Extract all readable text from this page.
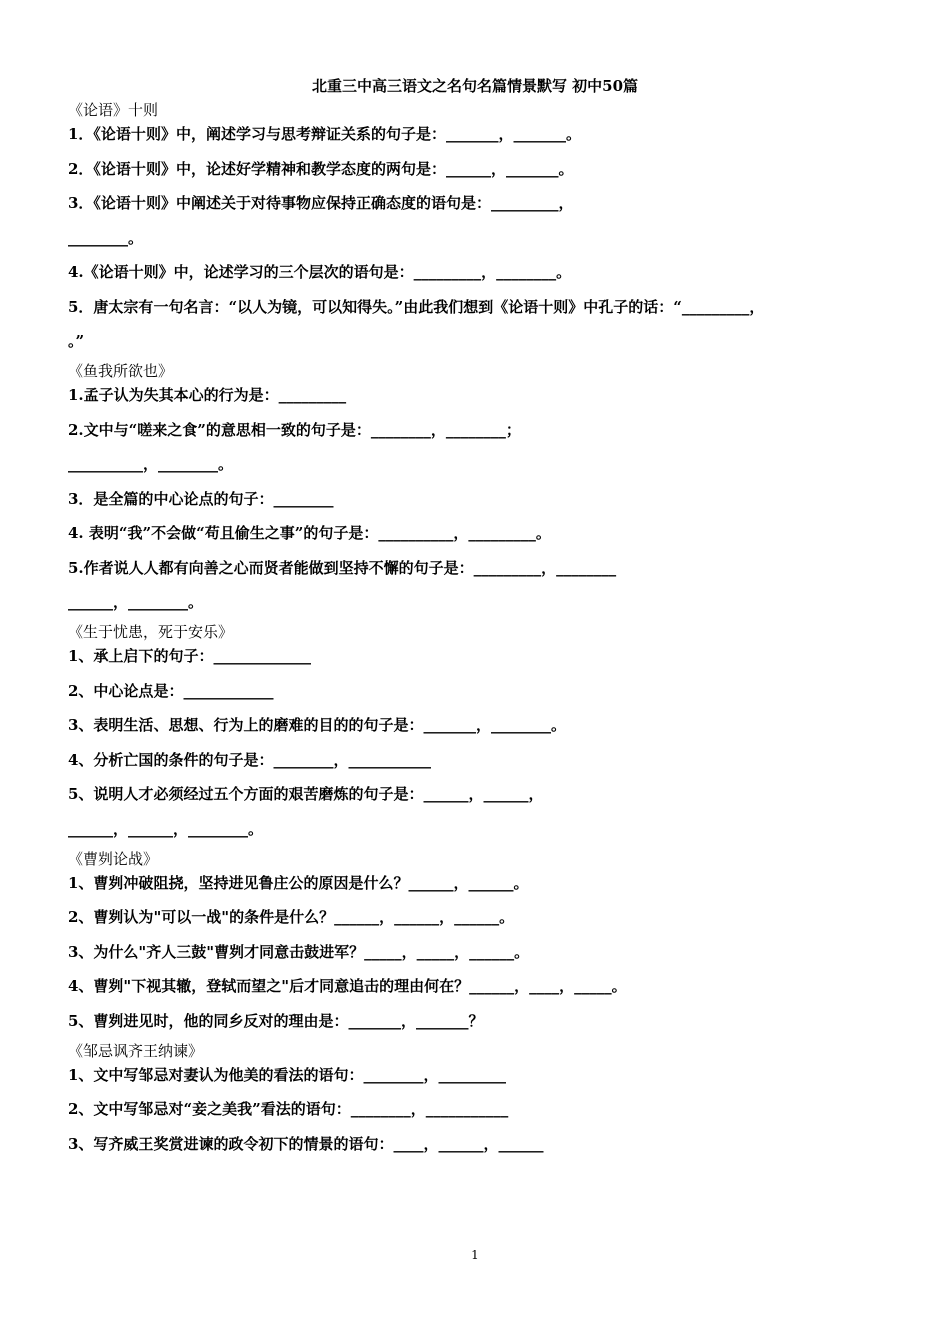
北重三中高三语文之名句名篇情景默写 初中50篇
《论语》十则
1．《论语十则》中，阐述学习与思考辩证关系的句子是：_______，_______。
2．《论语十则》中，论述好学精神和教学态度的两句是：______，_______。
3．《论语十则》中阐述关于对待事物应保持正确态度的语句是：_________，
________。
4.《论语十则》中，论述学习的三个层次的语句是：_________，________。
5．唐太宗有一句名言：“以人为镜，可以知得失。”由此我们想到《论语十则》中孔子的话：“_________，
。”
《鱼我所欲也》
1.孟子认为失其本心的行为是：_________
2.文中与“嗟来之食”的意思相一致的句子是：________，________；
__________，________。
3．是全篇的中心论点的句子：________
4. 表明“我”不会做“苟且偷生之事”的句子是：__________，_________。
5.作者说人人都有向善之心而贤者能做到坚持不懈的句子是：_________，________
______，________。
《生于忧患，死于安乐》
1、承上启下的句子：_____________
2、中心论点是：____________
3、表明生活、思想、行为上的磨难的目的的句子是：_______，________。
4、分析亡国的条件的句子是：________，___________
5、说明人才必须经过五个方面的艰苦磨炼的句子是：______，______，
______，______，________。
《曹刿论战》
1、曹刿冲破阻挠，坚持进见鲁庄公的原因是什么？______，______。
2、曹刿认为"可以一战"的条件是什么？______，______，______。
3、为什么"齐人三鼓"曹刿才同意击鼓进军？_____，_____，______。
4、曹刿"下视其辙，登轼而望之"后才同意追击的理由何在？______，____，_____。
5、曹刿进见时，他的同乡反对的理由是：_______，_______？
《邹忌讽齐王纳谏》
1、文中写邹忌对妻认为他美的看法的语句：________，_________
2、文中写邹忌对“妾之美我”看法的语句：________，___________
3、写齐威王奖赏进谏的政令初下的情景的语句：____，______，______

1
